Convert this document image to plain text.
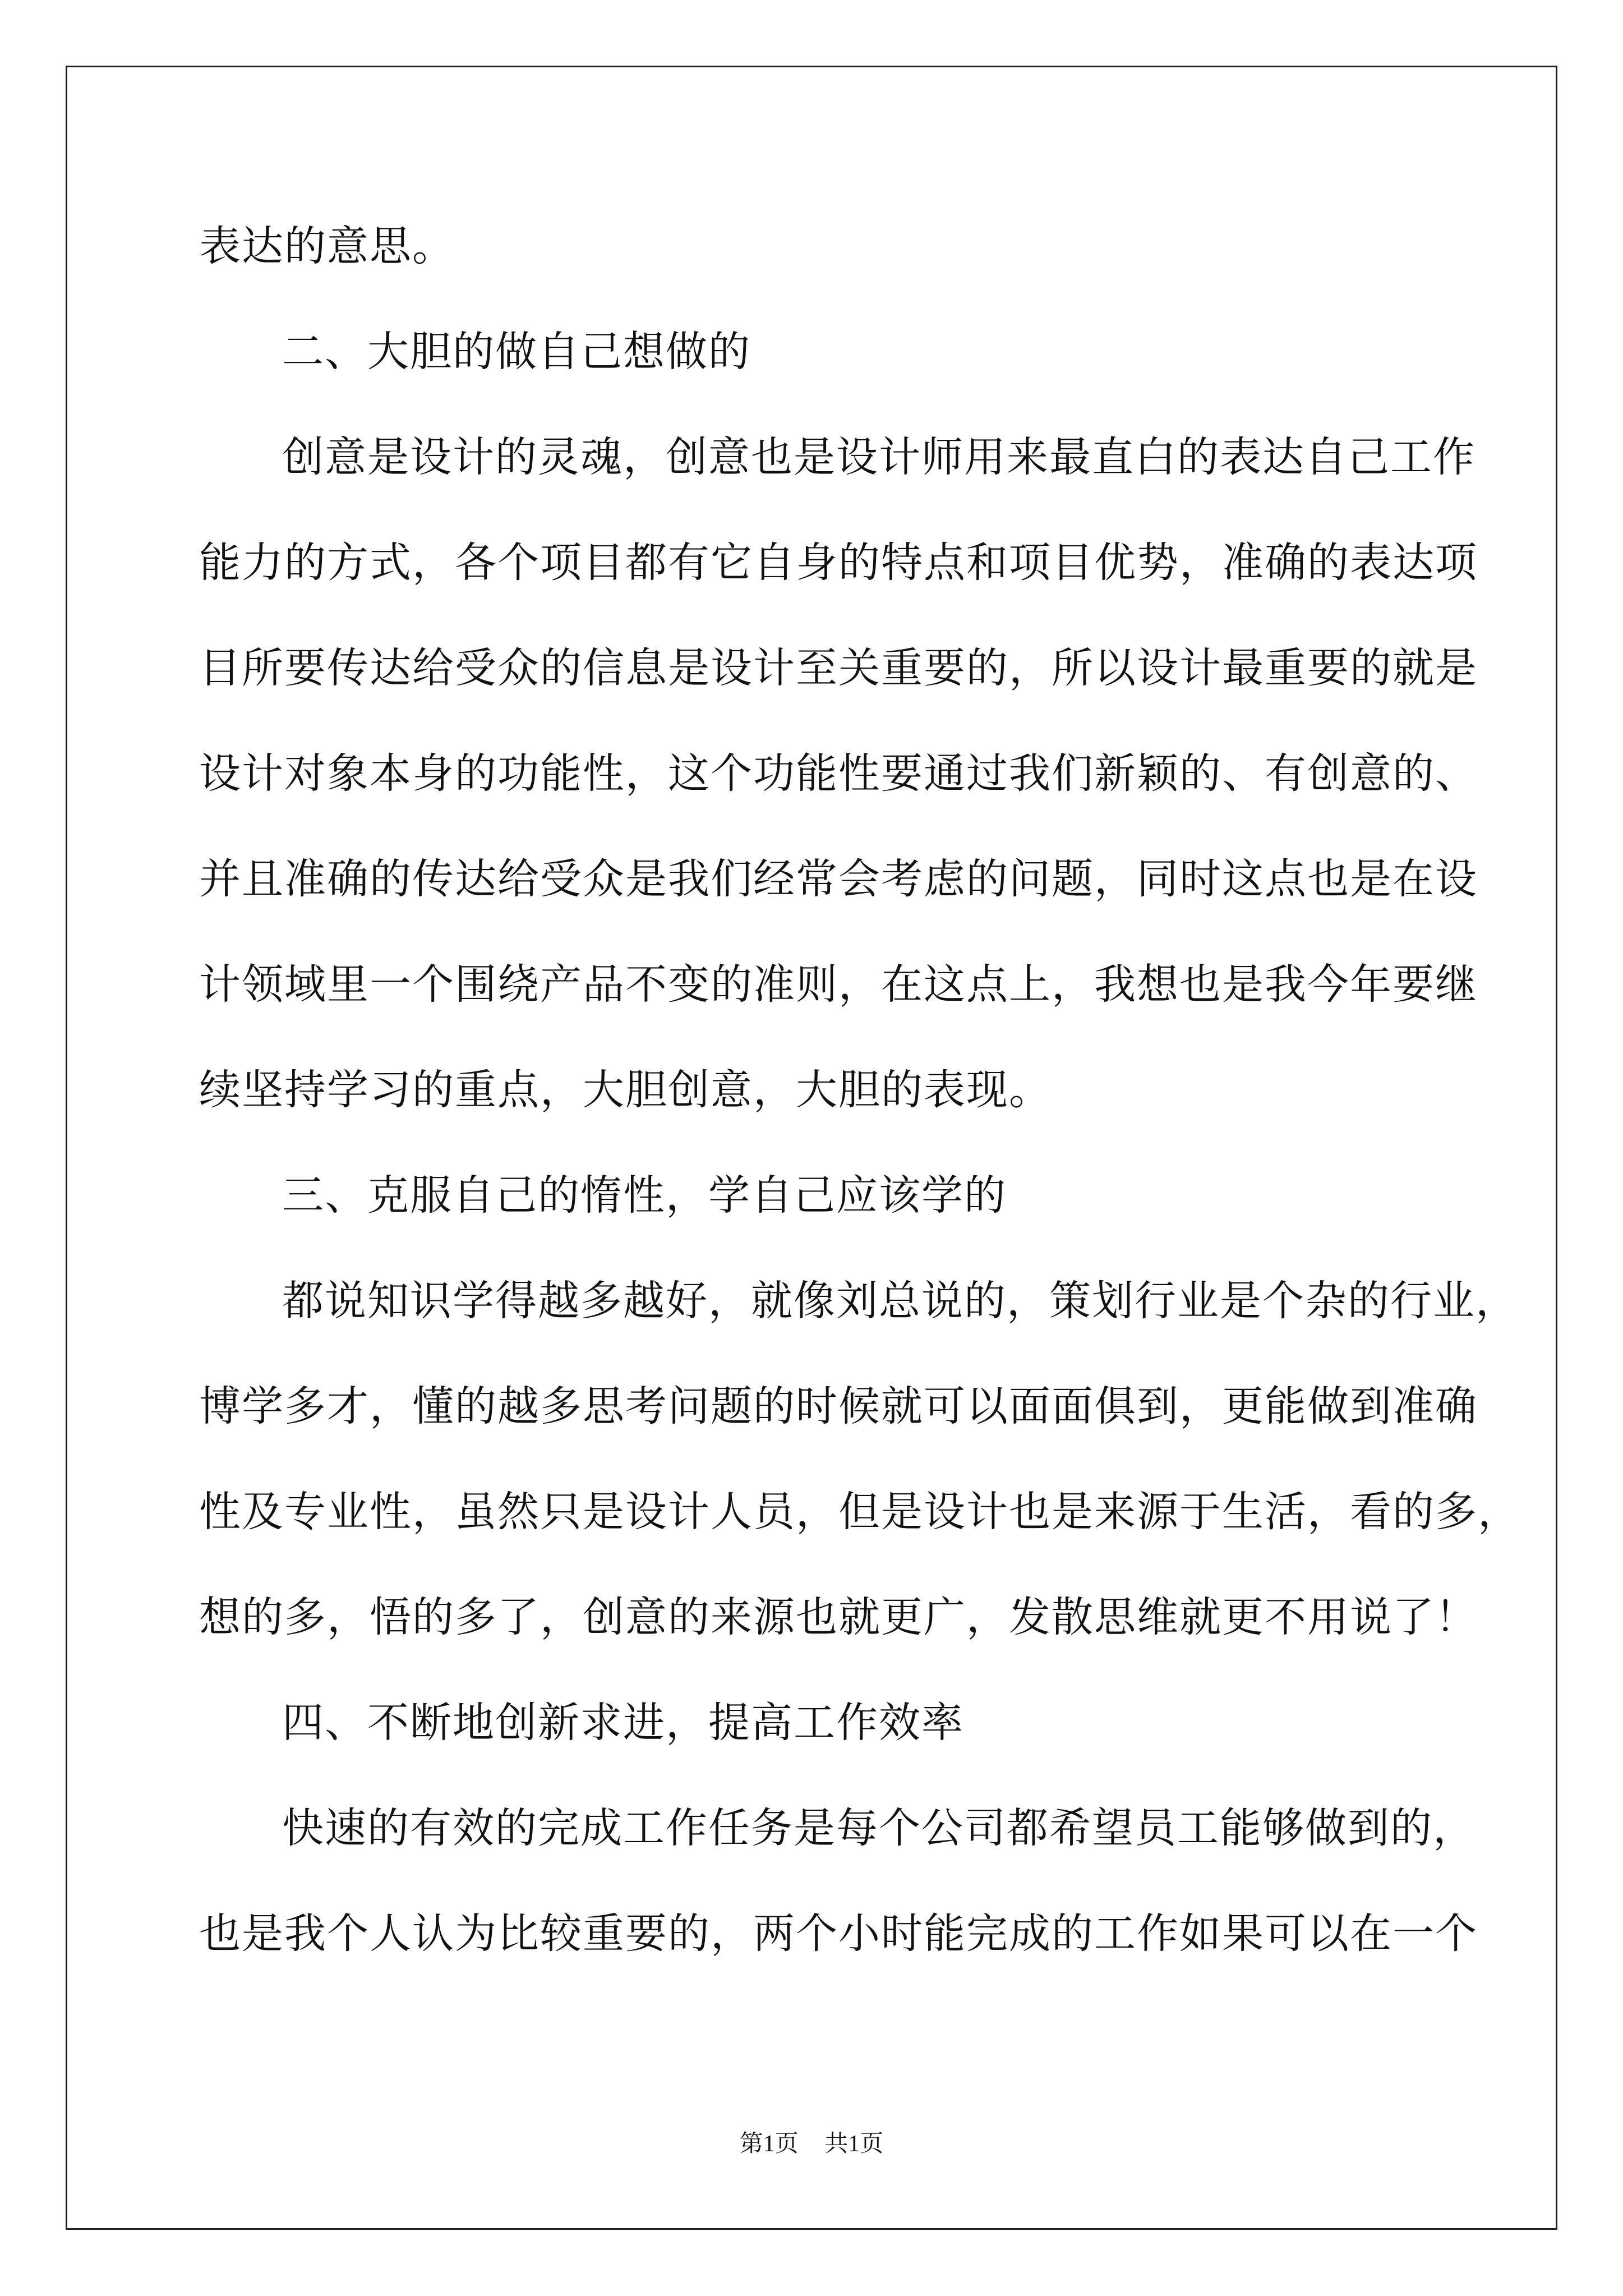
表达的意思。
二、大胆的做自己想做的
创意是设计的灵魂，创意也是设计师用来最直白的表达自己工作
能力的方式，各个项目都有它自身的特点和项目优势，准确的表达项
目所要传达给受众的信息是设计至关重要的，所以设计最重要的就是
设计对象本身的功能性，这个功能性要通过我们新颖的、有创意的、
并且准确的传达给受众是我们经常会考虑的问题，同时这点也是在设
计领域里一个围绕产品不变的准则，在这点上，我想也是我今年要继
续坚持学习的重点，大胆创意，大胆的表现。
三、克服自己的惰性，学自己应该学的
都说知识学得越多越好，就像刘总说的，策划行业是个杂的行业，
博学多才，懂的越多思考问题的时候就可以面面俱到，更能做到准确
性及专业性，虽然只是设计人员，但是设计也是来源于生活，看的多，
想的多，悟的多了，创意的来源也就更广，发散思维就更不用说了！
四、不断地创新求进，提高工作效率
快速的有效的完成工作任务是每个公司都希望员工能够做到的，
也是我个人认为比较重要的，两个小时能完成的工作如果可以在一个
第1页 共1页
